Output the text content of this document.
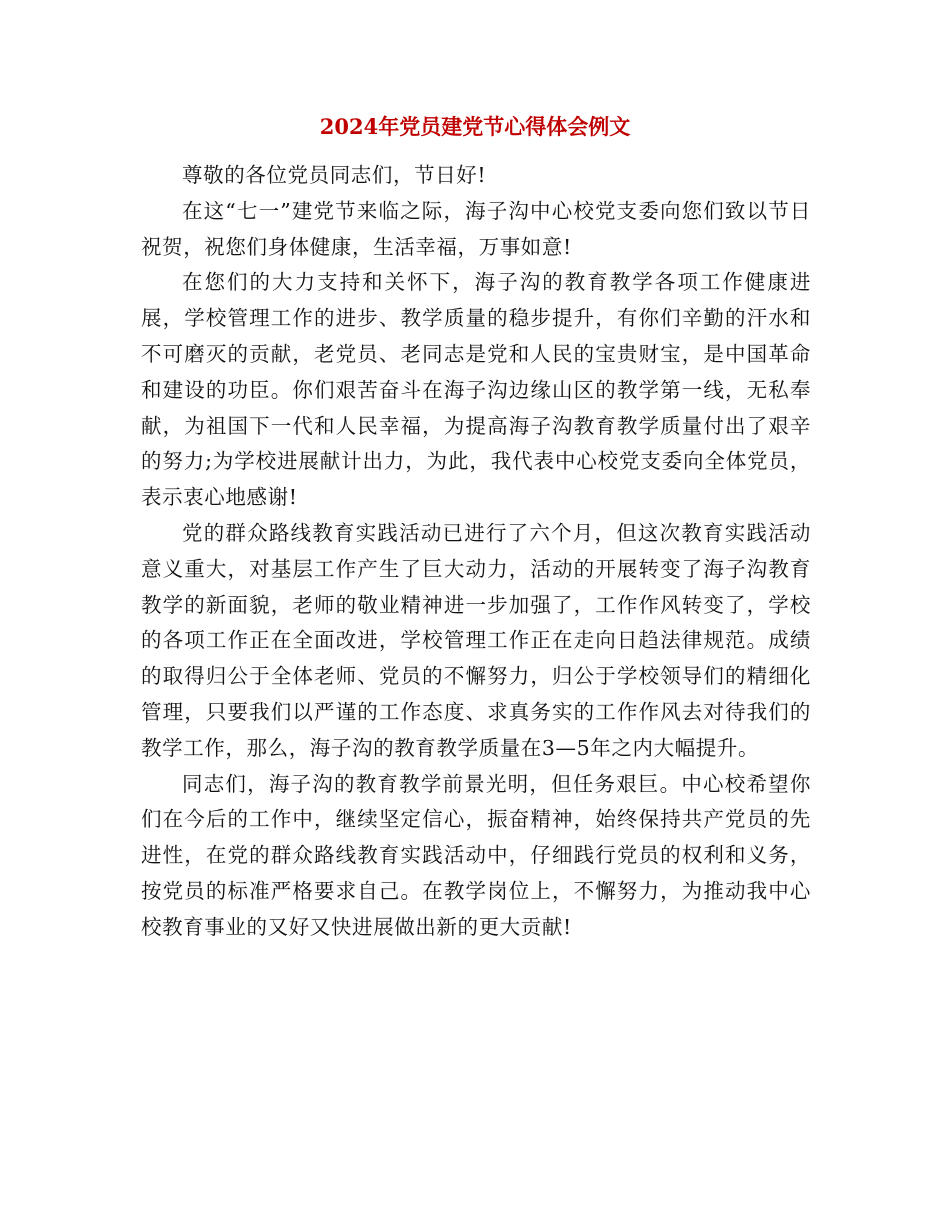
2024年党员建党节心得体会例文

尊敬的各位党员同志们，节日好!

在这“七一”建党节来临之际，海子沟中心校党支委向您们致以节日祝贺，祝您们身体健康，生活幸福，万事如意!

在您们的大力支持和关怀下，海子沟的教育教学各项工作健康进展，学校管理工作的进步、教学质量的稳步提升，有你们辛勤的汗水和不可磨灭的贡献，老党员、老同志是党和人民的宝贵财宝，是中国革命和建设的功臣。你们艰苦奋斗在海子沟边缘山区的教学第一线，无私奉献，为祖国下一代和人民幸福，为提高海子沟教育教学质量付出了艰辛的努力;为学校进展献计出力，为此，我代表中心校党支委向全体党员，表示衷心地感谢!

党的群众路线教育实践活动已进行了六个月，但这次教育实践活动意义重大，对基层工作产生了巨大动力，活动的开展转变了海子沟教育教学的新面貌，老师的敬业精神进一步加强了，工作作风转变了，学校的各项工作正在全面改进，学校管理工作正在走向日趋法律规范。成绩的取得归公于全体老师、党员的不懈努力，归公于学校领导们的精细化管理，只要我们以严谨的工作态度、求真务实的工作作风去对待我们的教学工作，那么，海子沟的教育教学质量在3—5年之内大幅提升。

同志们，海子沟的教育教学前景光明，但任务艰巨。中心校希望你们在今后的工作中，继续坚定信心，振奋精神，始终保持共产党员的先进性，在党的群众路线教育实践活动中，仔细践行党员的权利和义务，按党员的标准严格要求自己。在教学岗位上，不懈努力，为推动我中心校教育事业的又好又快进展做出新的更大贡献!
